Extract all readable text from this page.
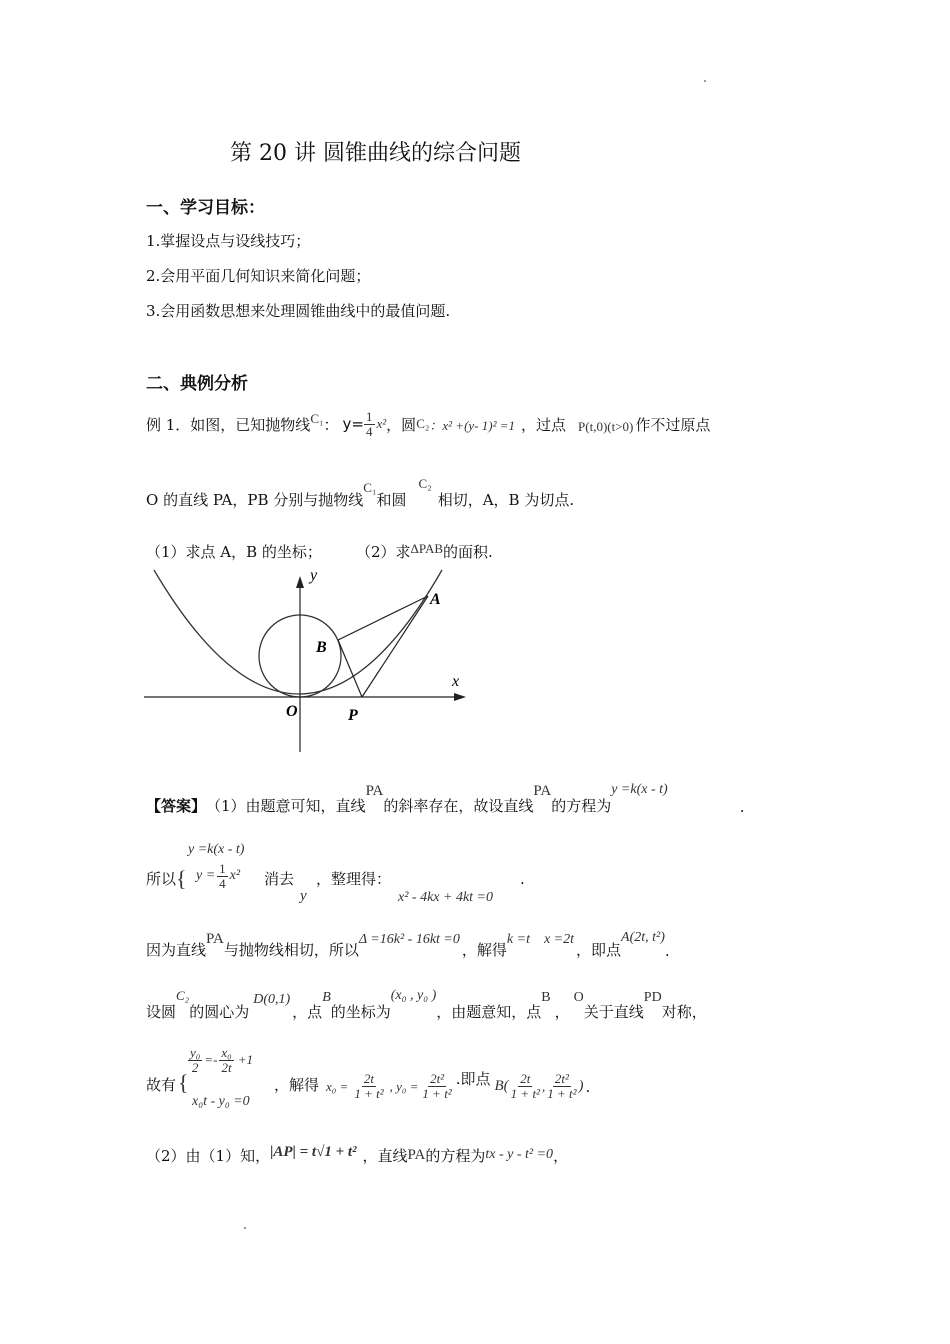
第 20 讲 圆锥曲线的综合问题
一、学习目标：
1.掌握设点与设线技巧；
2.会用平面几何知识来简化问题；
3.会用函数思想来处理圆锥曲线中的最值问题.
二、典例分析
例 1．如图，已知抛物线 C₁ ： $y= \frac{1}{4} x^2$ ，圆 C₂ ：x² +(y- 1)² =1 ，过点 P(t,0)(t>0) 作不过原点
O 的直线 PA，PB 分别与抛物线
C₁
和圆
C₂
相切，A，B 为切点.
（1）求点 A，B 的坐标； （2）求 ΔPAB 的面积.
y
x
O	P
A
B
【答案】 （1）由题意可知，直线
PA
的斜率存在，故设直线
PA
的方程为
y =k(x - t)
.
所以 {
y =k(x - t)
$y = \frac{1}{4} x^2$ 消去
y
，整理得：
x² - 4kx + 4kt =0
.
因为直线
PA
与抛物线相切，所以
Δ =16k² - 16kt =0
，解得
k =t x =2t
，即点
A(2t, t²)
.
设圆
C₂
的圆心为
D(0,1)
，点
B
的坐标为
(x₀ , y₀ )
，由题意知，点
B
，
O
关于直线
PD
对称，
故有 {
$\frac{\text{y₀}}{2} =- \frac{\text{x₀}}{2t} +1$
x₀t - y₀ =0
，解得 $x_0 = \frac{2t}{\text{1 + t²}}$ , $y_0 = \frac{\text{2t²}}{\text{1 + t²}}$ .即点 $B( \frac{2t}{\text{1 + t²}}$ , $\frac{\text{2t²}}{\text{1 + t²}}$ ) .
（2）由（1）知， |AP| = t√1 + t² ，直线 PA 的方程为 tx - y - t² =0 ，
